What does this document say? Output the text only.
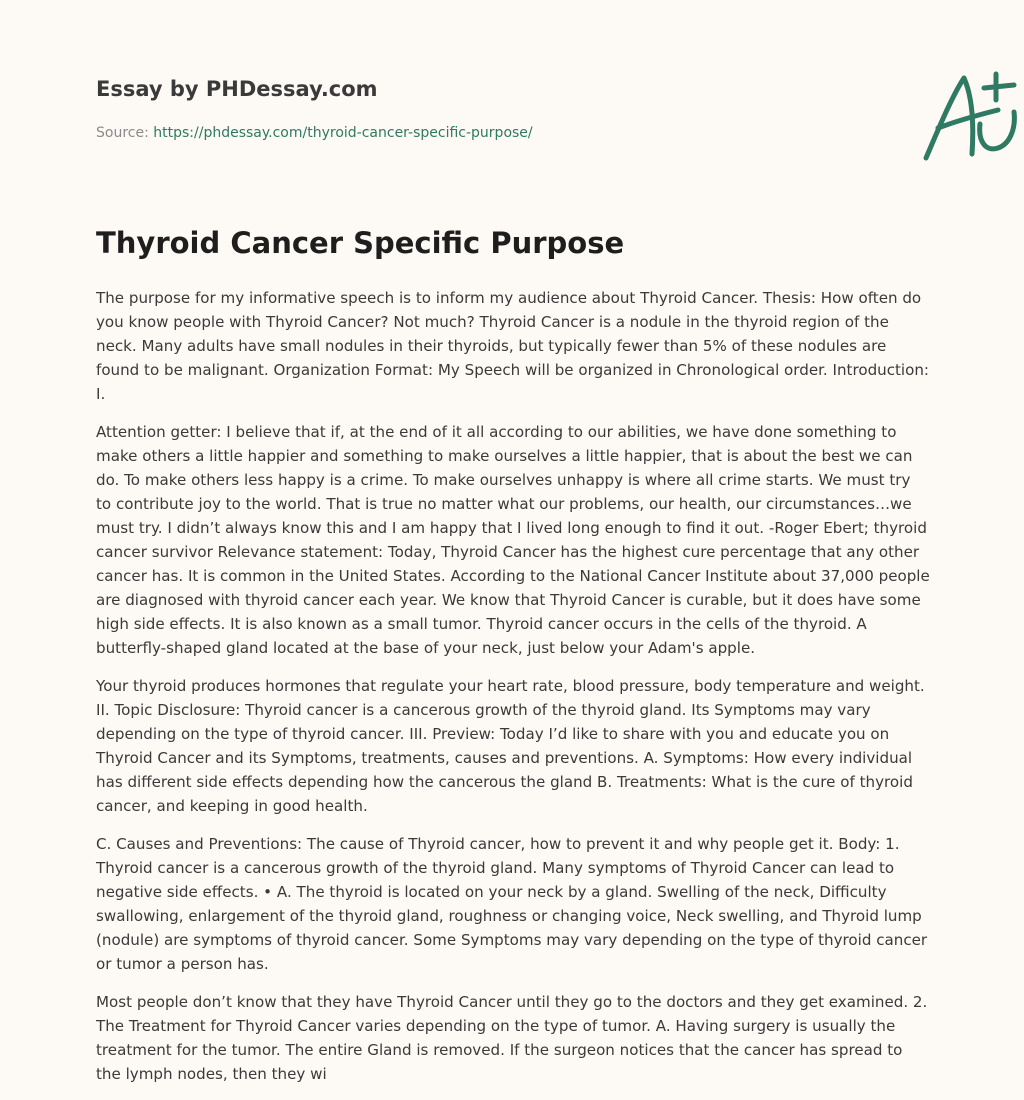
Essay by PHDessay.com
Source: https://phdessay.com/thyroid-cancer-specific-purpose/
Thyroid Cancer Specific Purpose

The purpose for my informative speech is to inform my audience about Thyroid Cancer. Thesis: How often do you know people with Thyroid Cancer? Not much? Thyroid Cancer is a nodule in the thyroid region of the neck. Many adults have small nodules in their thyroids, but typically fewer than 5% of these nodules are found to be malignant. Organization Format: My Speech will be organized in Chronological order. Introduction: I.

Attention getter: I believe that if, at the end of it all according to our abilities, we have done something to make others a little happier and something to make ourselves a little happier, that is about the best we can do. To make others less happy is a crime. To make ourselves unhappy is where all crime starts. We must try to contribute joy to the world. That is true no matter what our problems, our health, our circumstances…we must try. I didn’t always know this and I am happy that I lived long enough to find it out. -Roger Ebert; thyroid cancer survivor Relevance statement: Today, Thyroid Cancer has the highest cure percentage that any other cancer has. It is common in the United States. According to the National Cancer Institute about 37,000 people are diagnosed with thyroid cancer each year. We know that Thyroid Cancer is curable, but it does have some high side effects. It is also known as a small tumor. Thyroid cancer occurs in the cells of the thyroid. A butterfly-shaped gland located at the base of your neck, just below your Adam's apple.

Your thyroid produces hormones that regulate your heart rate, blood pressure, body temperature and weight. II. Topic Disclosure: Thyroid cancer is a cancerous growth of the thyroid gland. Its Symptoms may vary depending on the type of thyroid cancer. III. Preview: Today I’d like to share with you and educate you on Thyroid Cancer and its Symptoms, treatments, causes and preventions. A. Symptoms: How every individual has different side effects depending how the cancerous the gland B. Treatments: What is the cure of thyroid cancer, and keeping in good health.

C. Causes and Preventions: The cause of Thyroid cancer, how to prevent it and why people get it. Body: 1. Thyroid cancer is a cancerous growth of the thyroid gland. Many symptoms of Thyroid Cancer can lead to negative side effects. • A. The thyroid is located on your neck by a gland. Swelling of the neck, Difficulty swallowing, enlargement of the thyroid gland, roughness or changing voice, Neck swelling, and Thyroid lump (nodule) are symptoms of thyroid cancer. Some Symptoms may vary depending on the type of thyroid cancer or tumor a person has.

Most people don’t know that they have Thyroid Cancer until they go to the doctors and they get examined. 2. The Treatment for Thyroid Cancer varies depending on the type of tumor. A. Having surgery is usually the treatment for the tumor. The entire Gland is removed. If the surgeon notices that the cancer has spread to the lymph nodes, then they wi
